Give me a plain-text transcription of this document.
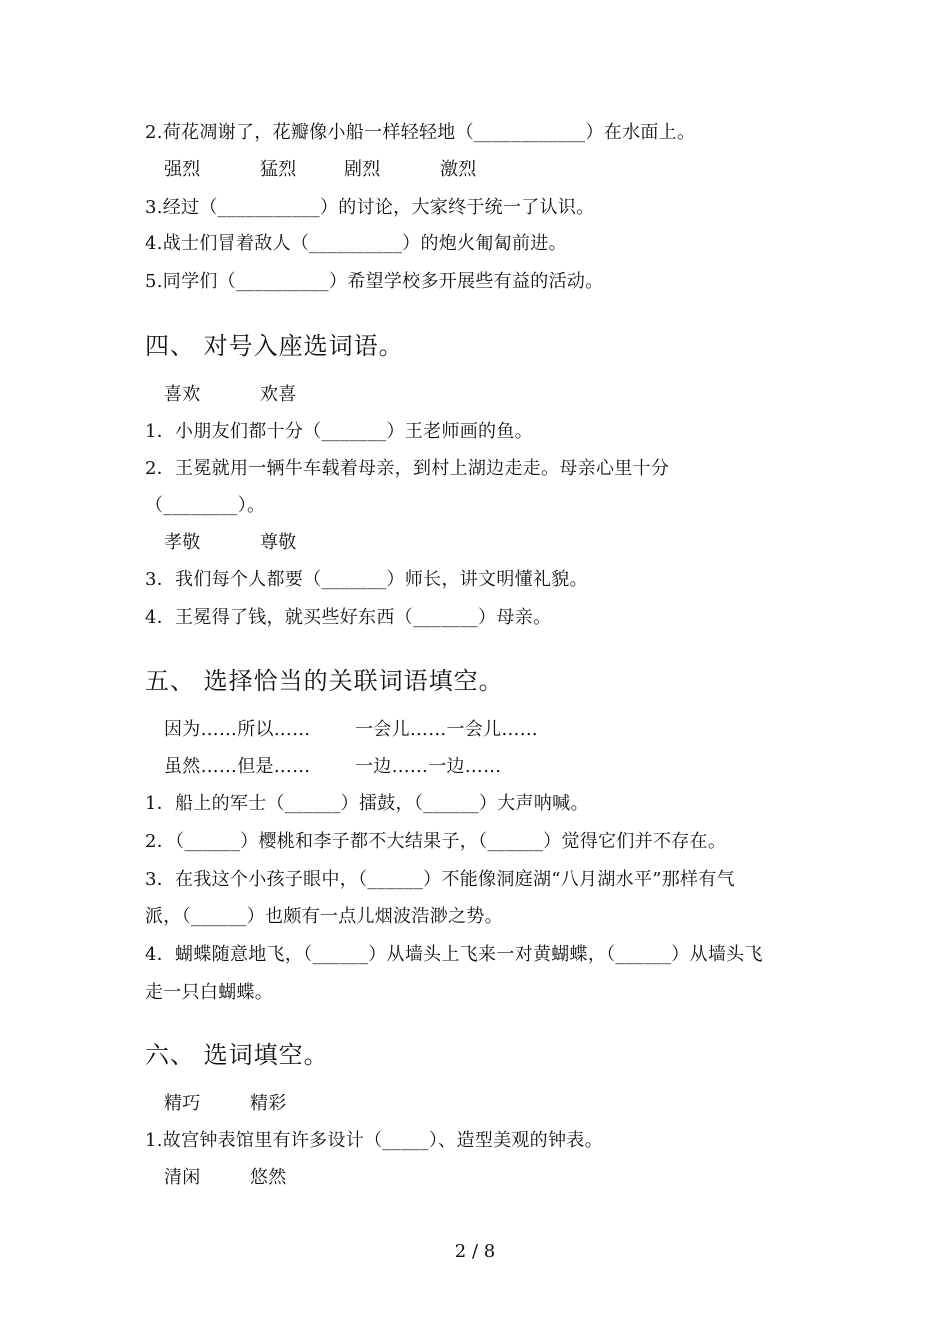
2.荷花凋谢了，花瓣像小船一样轻轻地（____________）在水面上。
强烈	猛烈	剧烈	激烈
3.经过（___________）的讨论，大家终于统一了认识。
4.战士们冒着敌人（__________）的炮火匍匐前进。
5.同学们（__________）希望学校多开展些有益的活动。
四、 对号入座选词语。
喜欢	欢喜
1．小朋友们都十分（_______）王老师画的鱼。
2．王冕就用一辆牛车载着母亲，到村上湖边走走。母亲心里十分
（________）。
孝敬	尊敬
3．我们每个人都要（_______）师长，讲文明懂礼貌。
4．王冕得了钱，就买些好东西（_______）母亲。
五、 选择恰当的关联词语填空。
因为……所以…… 一会儿……一会儿……
虽然……但是…… 一边……一边……
1．船上的军士（______）擂鼓，（______）大声呐喊。
2．（______）樱桃和李子都不大结果子，（______）觉得它们并不存在。
3．在我这个小孩子眼中，（______）不能像洞庭湖“八月湖水平”那样有气
派，（______）也颇有一点儿烟波浩渺之势。
4．蝴蝶随意地飞，（______）从墙头上飞来一对黄蝴蝶，（______）从墙头飞
走一只白蝴蝶。
六、 选词填空。
精巧	精彩
1.故宫钟表馆里有许多设计（_____）、造型美观的钟表。
清闲	悠然
2 / 8
